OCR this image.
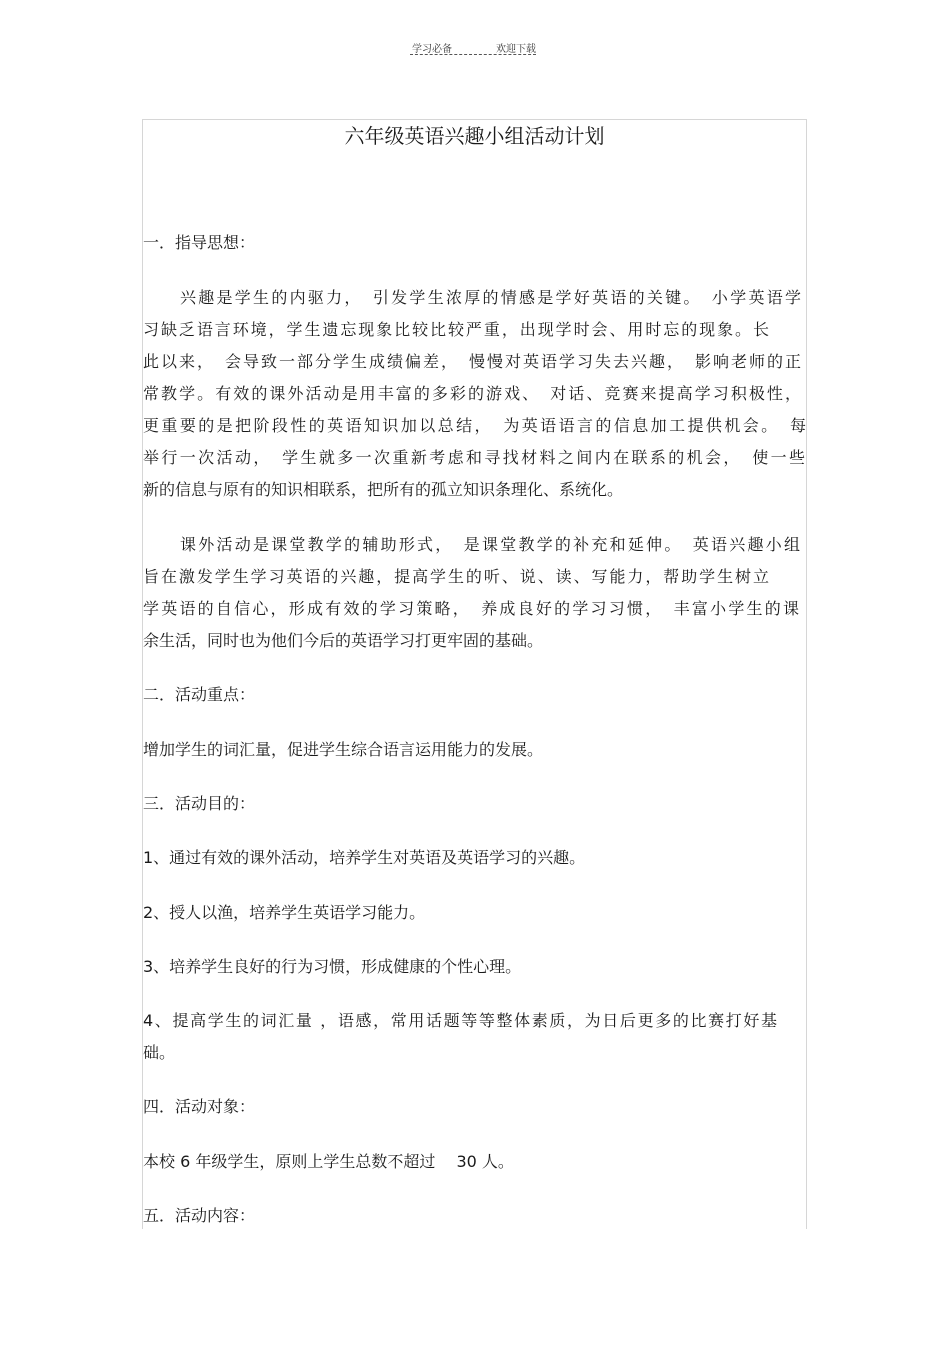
学习必备	欢迎下载
六年级英语兴趣小组活动计划
一．指导思想：
兴趣是学生的内驱力，　引发学生浓厚的情感是学好英语的关键。　小学英语学
习缺乏语言环境，学生遗忘现象比较比较严重，出现学时会、用时忘的现象。长
此以来，　会导致一部分学生成绩偏差，　慢慢对英语学习失去兴趣，　影响老师的正
常教学。有效的课外活动是用丰富的多彩的游戏、　对话、竞赛来提高学习积极性，
更重要的是把阶段性的英语知识加以总结，　为英语语言的信息加工提供机会。　每
举行一次活动，　学生就多一次重新考虑和寻找材料之间内在联系的机会，　使一些
新的信息与原有的知识相联系，把所有的孤立知识条理化、系统化。
课外活动是课堂教学的辅助形式，　是课堂教学的补充和延伸。　英语兴趣小组
旨在激发学生学习英语的兴趣，提高学生的听、说、读、写能力，帮助学生树立
学英语的自信心，形成有效的学习策略，　养成良好的学习习惯，　丰富小学生的课
余生活，同时也为他们今后的英语学习打更牢固的基础。
二．活动重点：
增加学生的词汇量，促进学生综合语言运用能力的发展。
三．活动目的：
1、通过有效的课外活动，培养学生对英语及英语学习的兴趣。
2、授人以渔，培养学生英语学习能力。
3、培养学生良好的行为习惯，形成健康的个性心理。
4、提高学生的词汇量 ，语感，常用话题等等整体素质，为日后更多的比赛打好基
础。
四．活动对象：
本校 6 年级学生，原则上学生总数不超过　 30 人。
五．活动内容：
